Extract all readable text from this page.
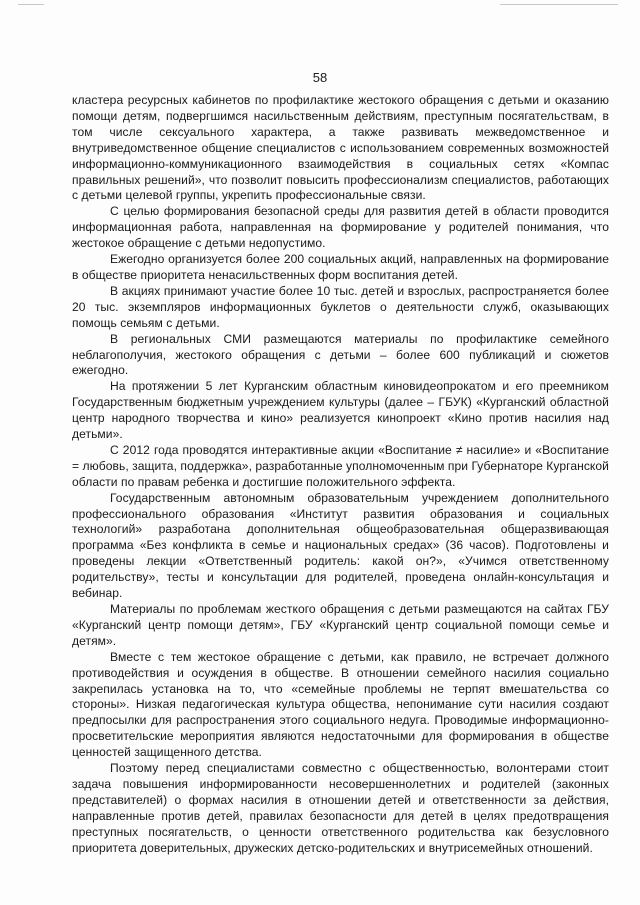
58

кластера ресурсных кабинетов по профилактике жестокого обращения с детьми и оказанию помощи детям, подвергшимся насильственным действиям, преступным посягательствам, в том числе сексуального характера, а также развивать межведомственное и внутриведомственное общение специалистов с использованием современных возможностей информационно-коммуникационного взаимодействия в социальных сетях «Компас правильных решений», что позволит повысить профессионализм специалистов, работающих с детьми целевой группы, укрепить профессиональные связи.

С целью формирования безопасной среды для развития детей в области проводится информационная работа, направленная на формирование у родителей понимания, что жестокое обращение с детьми недопустимо.

Ежегодно организуется более 200 социальных акций, направленных на формирование в обществе приоритета ненасильственных форм воспитания детей.

В акциях принимают участие более 10 тыс. детей и взрослых, распространяется более 20 тыс. экземпляров информационных буклетов о деятельности служб, оказывающих помощь семьям с детьми.

В региональных СМИ размещаются материалы по профилактике семейного неблагополучия, жестокого обращения с детьми – более 600 публикаций и сюжетов ежегодно.

На протяжении 5 лет Курганским областным киновидеопрокатом и его преемником Государственным бюджетным учреждением культуры (далее – ГБУК) «Курганский областной центр народного творчества и кино» реализуется кинопроект «Кино против насилия над детьми».

С 2012 года проводятся интерактивные акции «Воспитание ≠ насилие» и «Воспитание = любовь, защита, поддержка», разработанные уполномоченным при Губернаторе Курганской области по правам ребенка и достигшие положительного эффекта.

Государственным автономным образовательным учреждением дополнительного профессионального образования «Институт развития образования и социальных технологий» разработана дополнительная общеобразовательная общеразвивающая программа «Без конфликта в семье и национальных средах» (36 часов). Подготовлены и проведены лекции «Ответственный родитель: какой он?», «Учимся ответственному родительству», тесты и консультации для родителей, проведена онлайн-консультация и вебинар.

Материалы по проблемам жесткого обращения с детьми размещаются на сайтах ГБУ «Курганский центр помощи детям», ГБУ «Курганский центр социальной помощи семье и детям».

Вместе с тем жестокое обращение с детьми, как правило, не встречает должного противодействия и осуждения в обществе. В отношении семейного насилия социально закрепилась установка на то, что «семейные проблемы не терпят вмешательства со стороны». Низкая педагогическая культура общества, непонимание сути насилия создают предпосылки для распространения этого социального недуга. Проводимые информационно-просветительские мероприятия являются недостаточными для формирования в обществе ценностей защищенного детства.

Поэтому перед специалистами совместно с общественностью, волонтерами стоит задача повышения информированности несовершеннолетних и родителей (законных представителей) о формах насилия в отношении детей и ответственности за действия, направленные против детей, правилах безопасности для детей в целях предотвращения преступных посягательств, о ценности ответственного родительства как безусловного приоритета доверительных, дружеских детско-родительских и внутрисемейных отношений.
